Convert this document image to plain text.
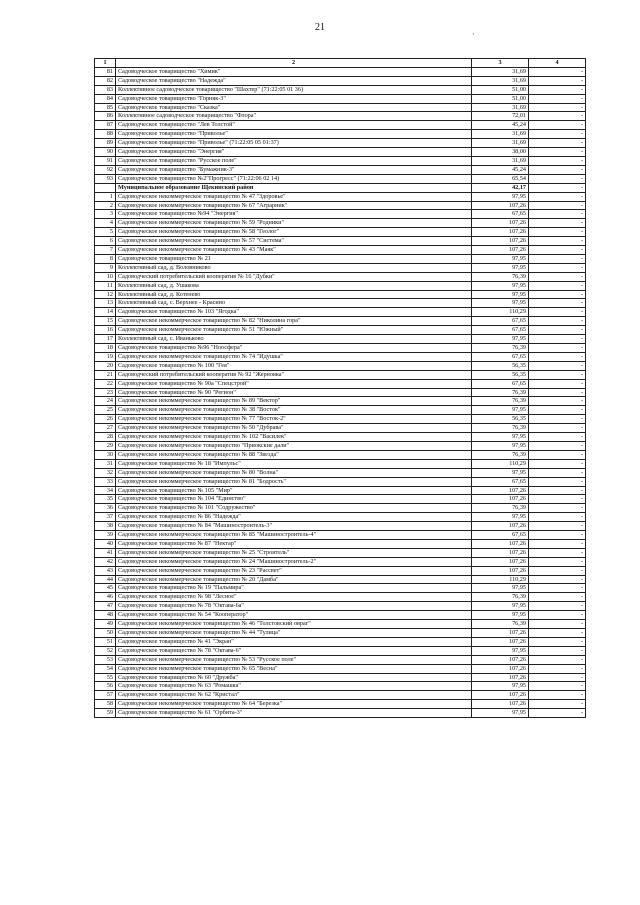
21
·
1	2	3	4
81	Садоводческое товарищество "Химик"	31,69	-
82	Садоводческое товарищество "Надежда"	31,69	-
83	Коллективное садоводческое товарищество "Шахтер" (71:22:05 01 36)	51,00	-
84	Садоводческое товарищество "Горняк-3"	51,00	-
85	Садоводческое товарищество "Сказка"	31,69	-
86	Коллективное садоводческое товарищество "Флора"	72,01	-
87	Садоводческое товарищество "Лев Толстой"	45,24	-
88	Садоводческое товарищество "Приволье"	31,69	-
89	Садоводческое товарищество "Приволье" (71:22:05 05 01:37)	31,69	-
90	Садоводческое товарищество "Энергия"	38,00	-
91	Садоводческое товарищество "Русское поле"	31,69	-
92	Садоводческое товарищество "Бумажник-3"	45,24	-
93	Садоводческое товарищество №2"Прогресс" (71:22:06 02 14)	65,54	-
	Муниципальное образование Щекинский район	42,17	-
1	Садоводческое некоммерческое товарищество № 47 "Здоровье"	97,95	-
2	Садоводческое некоммерческое товарищество № 67 "Аграрник"	107,26	-
3	Садоводческое товарищество №94 "Энергия"	67,65	-
4	Садоводческое некоммерческое товарищество № 59 "Родники"	107,26	-
5	Садоводческое некоммерческое товарищество № 58 "Геолог"	107,26	-
6	Садоводческое некоммерческое товарищество № 57 "Система"	107,26	-
7	Садоводческое некоммерческое товарищество № 43 "Маяк"	107,26	-
8	Садоводческое товарищество № 21	97,95	-
9	Коллективный сад, д. Воловниково	97,95	-
10	Садоводческий потребительский кооператив № 16 "Дубки"	76,39	-
11	Коллективный сад, д. Ушакова	97,95	-
12	Коллективный сад, д. Котенево	97,95	-
13	Коллективный сад, с. Верхнее - Красино	97,95	-
14	Садоводческое товарищество № 103 "Ягодка"	110,29	-
15	Садоводческое некоммерческое товарищество № 82 "Николина гора"	67,65	-
16	Садоводческое некоммерческое товарищество № 51 "Южный"	67,65	-
17	Коллективный сад, с. Иваньково	97,95	-
18	Садоводческое товарищество №96 "Ноосфера"	76,39	-
19	Садоводческое некоммерческое товарищество № 74 "Идушка"	67,65	-
20	Садоводческое товарищество № 100 "Гея"	56,35	-
21	Садоводческий потребительский кооператив № 92 "Жерновка"	56,35	-
22	Садоводческое товарищество № 90а "Спецстрой"	67,65	-
23	Садоводческое товарищество № 90 "Регион"	76,39	-
24	Садоводческое некоммерческое товарищество № 89 "Вектор"	76,39	-
25	Садоводческое некоммерческое товарищество № 38 "Восток"	97,95	-
26	Садоводческое некоммерческое товарищество № 77 "Восток-2"	56,35	-
27	Садоводческое некоммерческое товарищество № 50 "Дубрава"	76,39	-
28	Садоводческое некоммерческое товарищество № 102 "Василек"	97,95	-
29	Садоводческое некоммерческое товарищество "Приокские дали"	97,95	-
30	Садоводческое некоммерческое товарищество № 88 "Звезда"	76,39	-
31	Садоводческое товарищество № 18 "Импульс"	110,29	-
32	Садоводческое некоммерческое товарищество № 80 "Волна"	97,95	-
33	Садоводческое некоммерческое товарищество № 81 "Бодрость"	67,65	-
34	Садоводческое товарищество № 105 "Мир"	107,26	-
35	Садоводческое товарищество № 104 "Единство"	107,26	-
36	Садоводческое товарищество № 101 "Содружество"	76,39	-
37	Садоводческое товарищество № 86 "Надежда"	97,95	-
38	Садоводческое товарищество № 84 "Машиностроитель-3"	107,26	-
39	Садоводческое некоммерческое товарищество № 85 "Машиностроитель-4"	67,65	-
40	Садоводческое товарищество № 87 "Нектар"	107,26	-
41	Садоводческое некоммерческое товарищество № 25 "Строитель"	107,26	-
42	Садоводческое некоммерческое товарищество № 24 "Машиностроитель-2"	107,26	-
43	Садоводческое некоммерческое товарищество № 23 "Рассвет"	107,26	-
44	Садоводческое некоммерческое товарищество № 20 "Дамба"	110,29	-
45	Садоводческое товарищество № 19 "Пальмира"	97,95	-
46	Садоводческое товарищество № 98 "Лесное"	76,39	-
47	Садоводческое товарищество № 78 "Октава-6а"	97,95	-
48	Садоводческое товарищество № 54 "Кооператор"	97,95	-
49	Садоводческое некоммерческое товарищество № 46 "Толстовский овраг"	76,39	-
50	Садоводческое некоммерческое товарищество № 44 "Тулица"	107,26	-
51	Садоводческое товарищество № 41 "Экран"	107,26	-
52	Садоводческое товарищество № 78 "Октава-6"	97,95	-
53	Садоводческое некоммерческое товарищество № 53 "Русское поле"	107,26	-
54	Садоводческое некоммерческое товарищество № 65 "Весна"	107,26	-
55	Садоводческое товарищество № 60 "Дружба"	107,26	-
56	Садоводческое товарищество № 63 "Ромашка"	97,95	-
57	Садоводческое товарищество № 62 "Кристал"	107,26	-
58	Садоводческое некоммерческое товарищество № 64 "Березка"	107,26	-
59	Садоводческое товарищество № 61 "Орбита-3"	97,95	-
